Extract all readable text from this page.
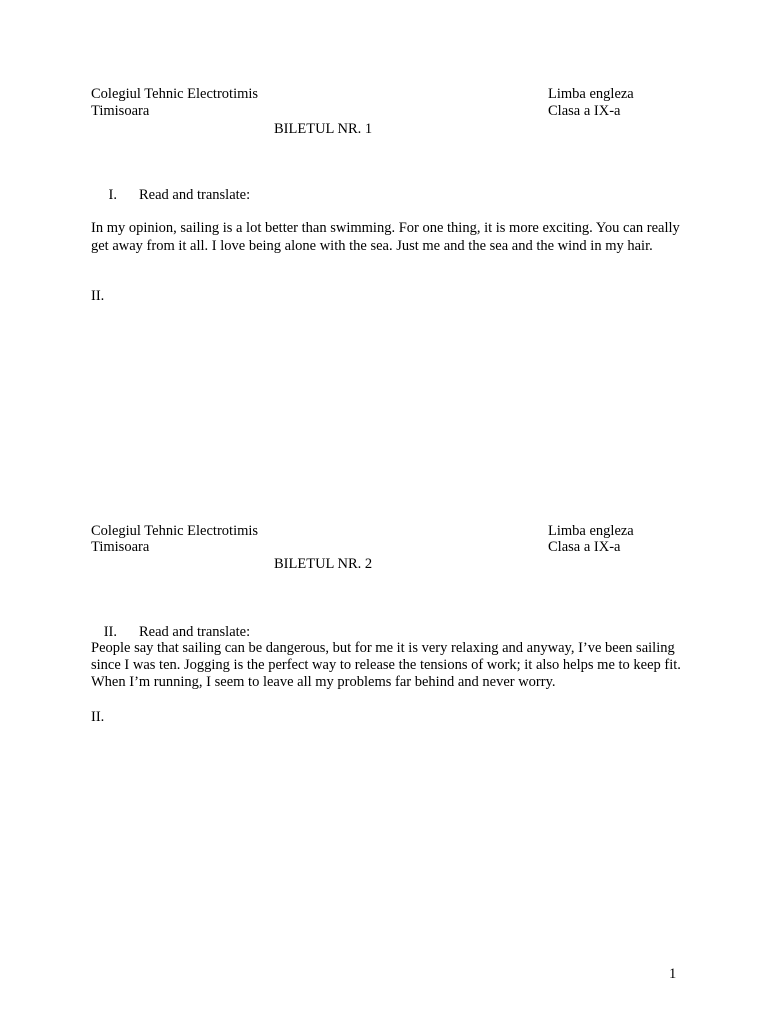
Colegiul Tehnic Electrotimis
Timisoara
Limba engleza
Clasa a IX-a
BILETUL NR. 1
I. Read and translate:
In my opinion, sailing is a lot better than swimming. For one thing, it is more exciting. You can really get away from it all. I love being alone with the sea. Just me and the sea and the wind in my hair.
II.
Colegiul Tehnic Electrotimis
Timisoara
Limba engleza
Clasa a IX-a
BILETUL NR. 2
II. Read and translate:
People say that sailing can be dangerous, but for me it is very relaxing and anyway, I’ve been sailing since I was ten. Jogging is the perfect way to release the tensions of work; it also helps me to keep fit. When I’m running, I seem to leave all my problems far behind and never worry.
II.
1
